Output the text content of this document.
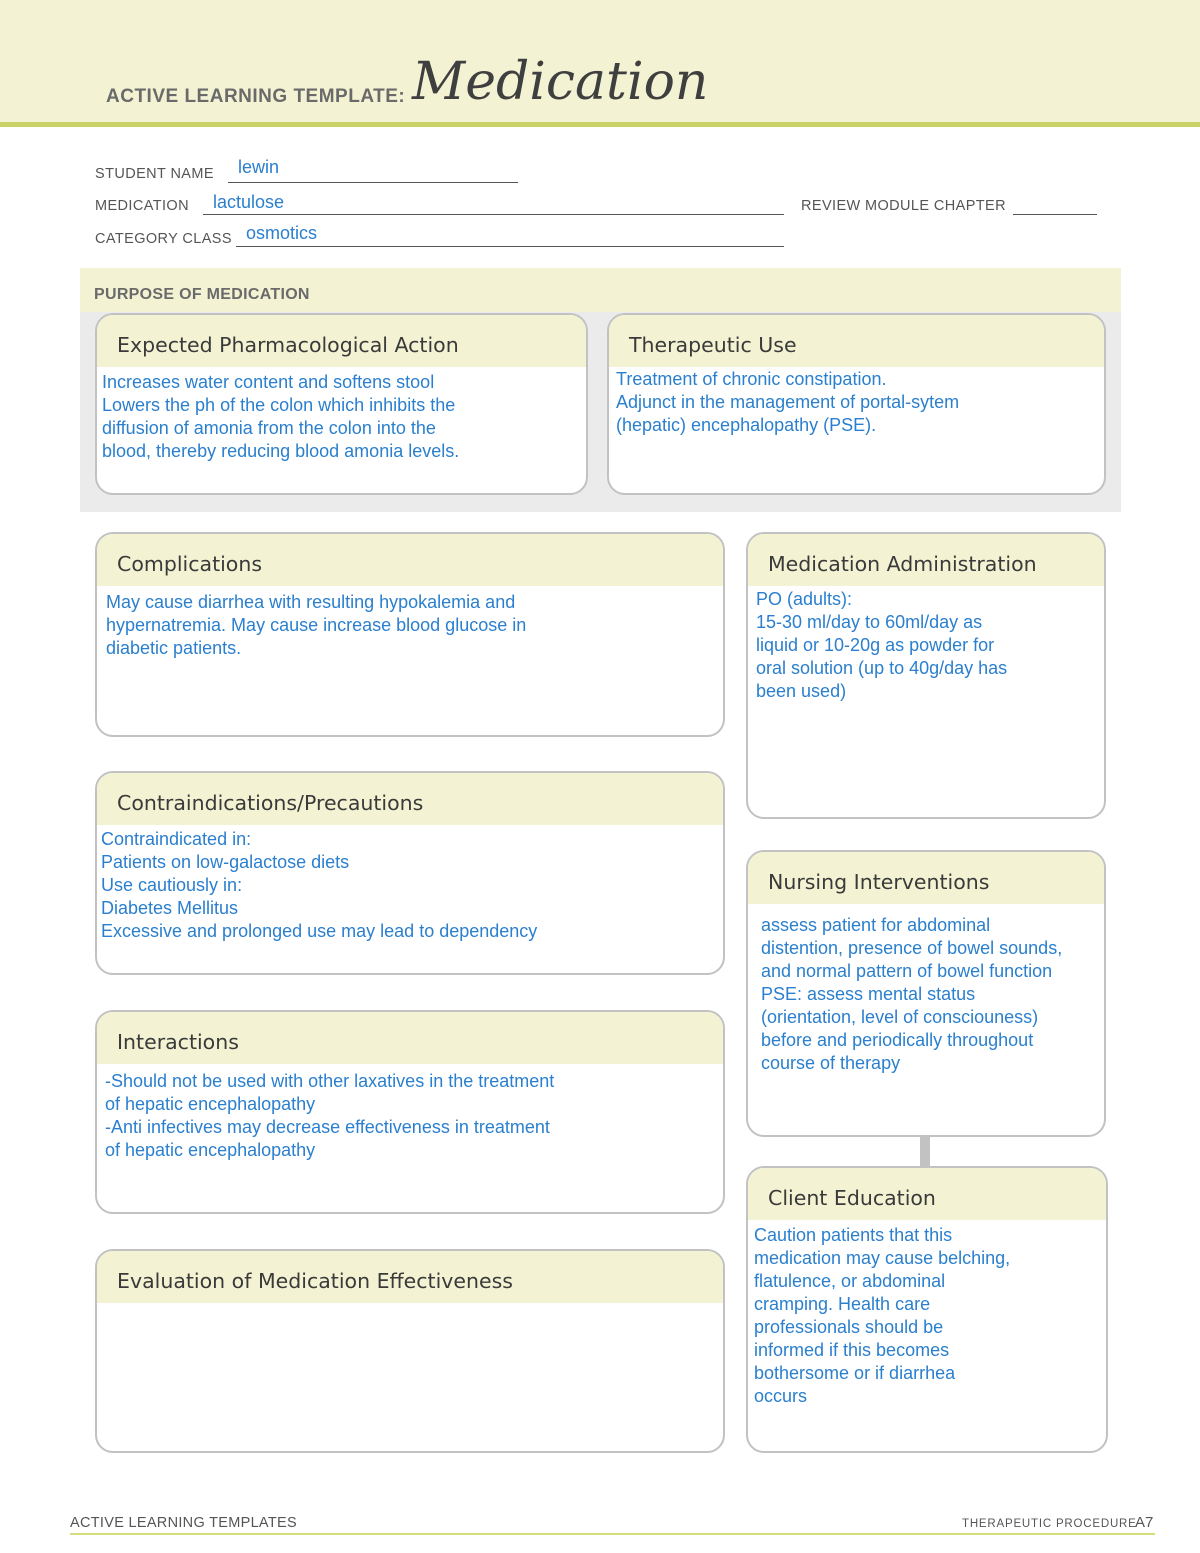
ACTIVE LEARNING TEMPLATE: Medication
STUDENT NAME lewin
MEDICATION lactulose	REVIEW MODULE CHAPTER
CATEGORY CLASS osmotics
PURPOSE OF MEDICATION
Expected Pharmacological Action
Increases water content and softens stool
Lowers the ph of the colon which inhibits the
diffusion of amonia from the colon into the
blood, thereby reducing blood amonia levels.
Therapeutic Use
Treatment of chronic constipation.
Adjunct in the management of portal-sytem
(hepatic) encephalopathy (PSE).
Complications
May cause diarrhea with resulting hypokalemia and
hypernatremia. May cause increase blood glucose in
diabetic patients.
Medication Administration
PO (adults):
15-30 ml/day to 60ml/day as
liquid or 10-20g as powder for
oral solution (up to 40g/day has
been used)
Contraindications/Precautions
Contraindicated in:
Patients on low-galactose diets
Use cautiously in:
Diabetes Mellitus
Excessive and prolonged use may lead to dependency
Nursing Interventions
assess patient for abdominal
distention, presence of bowel sounds,
and normal pattern of bowel function
PSE: assess mental status
(orientation, level of consciouness)
before and periodically throughout
course of therapy
Interactions
-Should not be used with other laxatives in the treatment
of hepatic encephalopathy
-Anti infectives may decrease effectiveness in treatment
of hepatic encephalopathy
Client Education
Caution patients that this
medication may cause belching,
flatulence, or abdominal
cramping. Health care
professionals should be
informed if this becomes
bothersome or if diarrhea
occurs
Evaluation of Medication Effectiveness
ACTIVE LEARNING TEMPLATES	THERAPEUTIC PROCEDURE
A7
